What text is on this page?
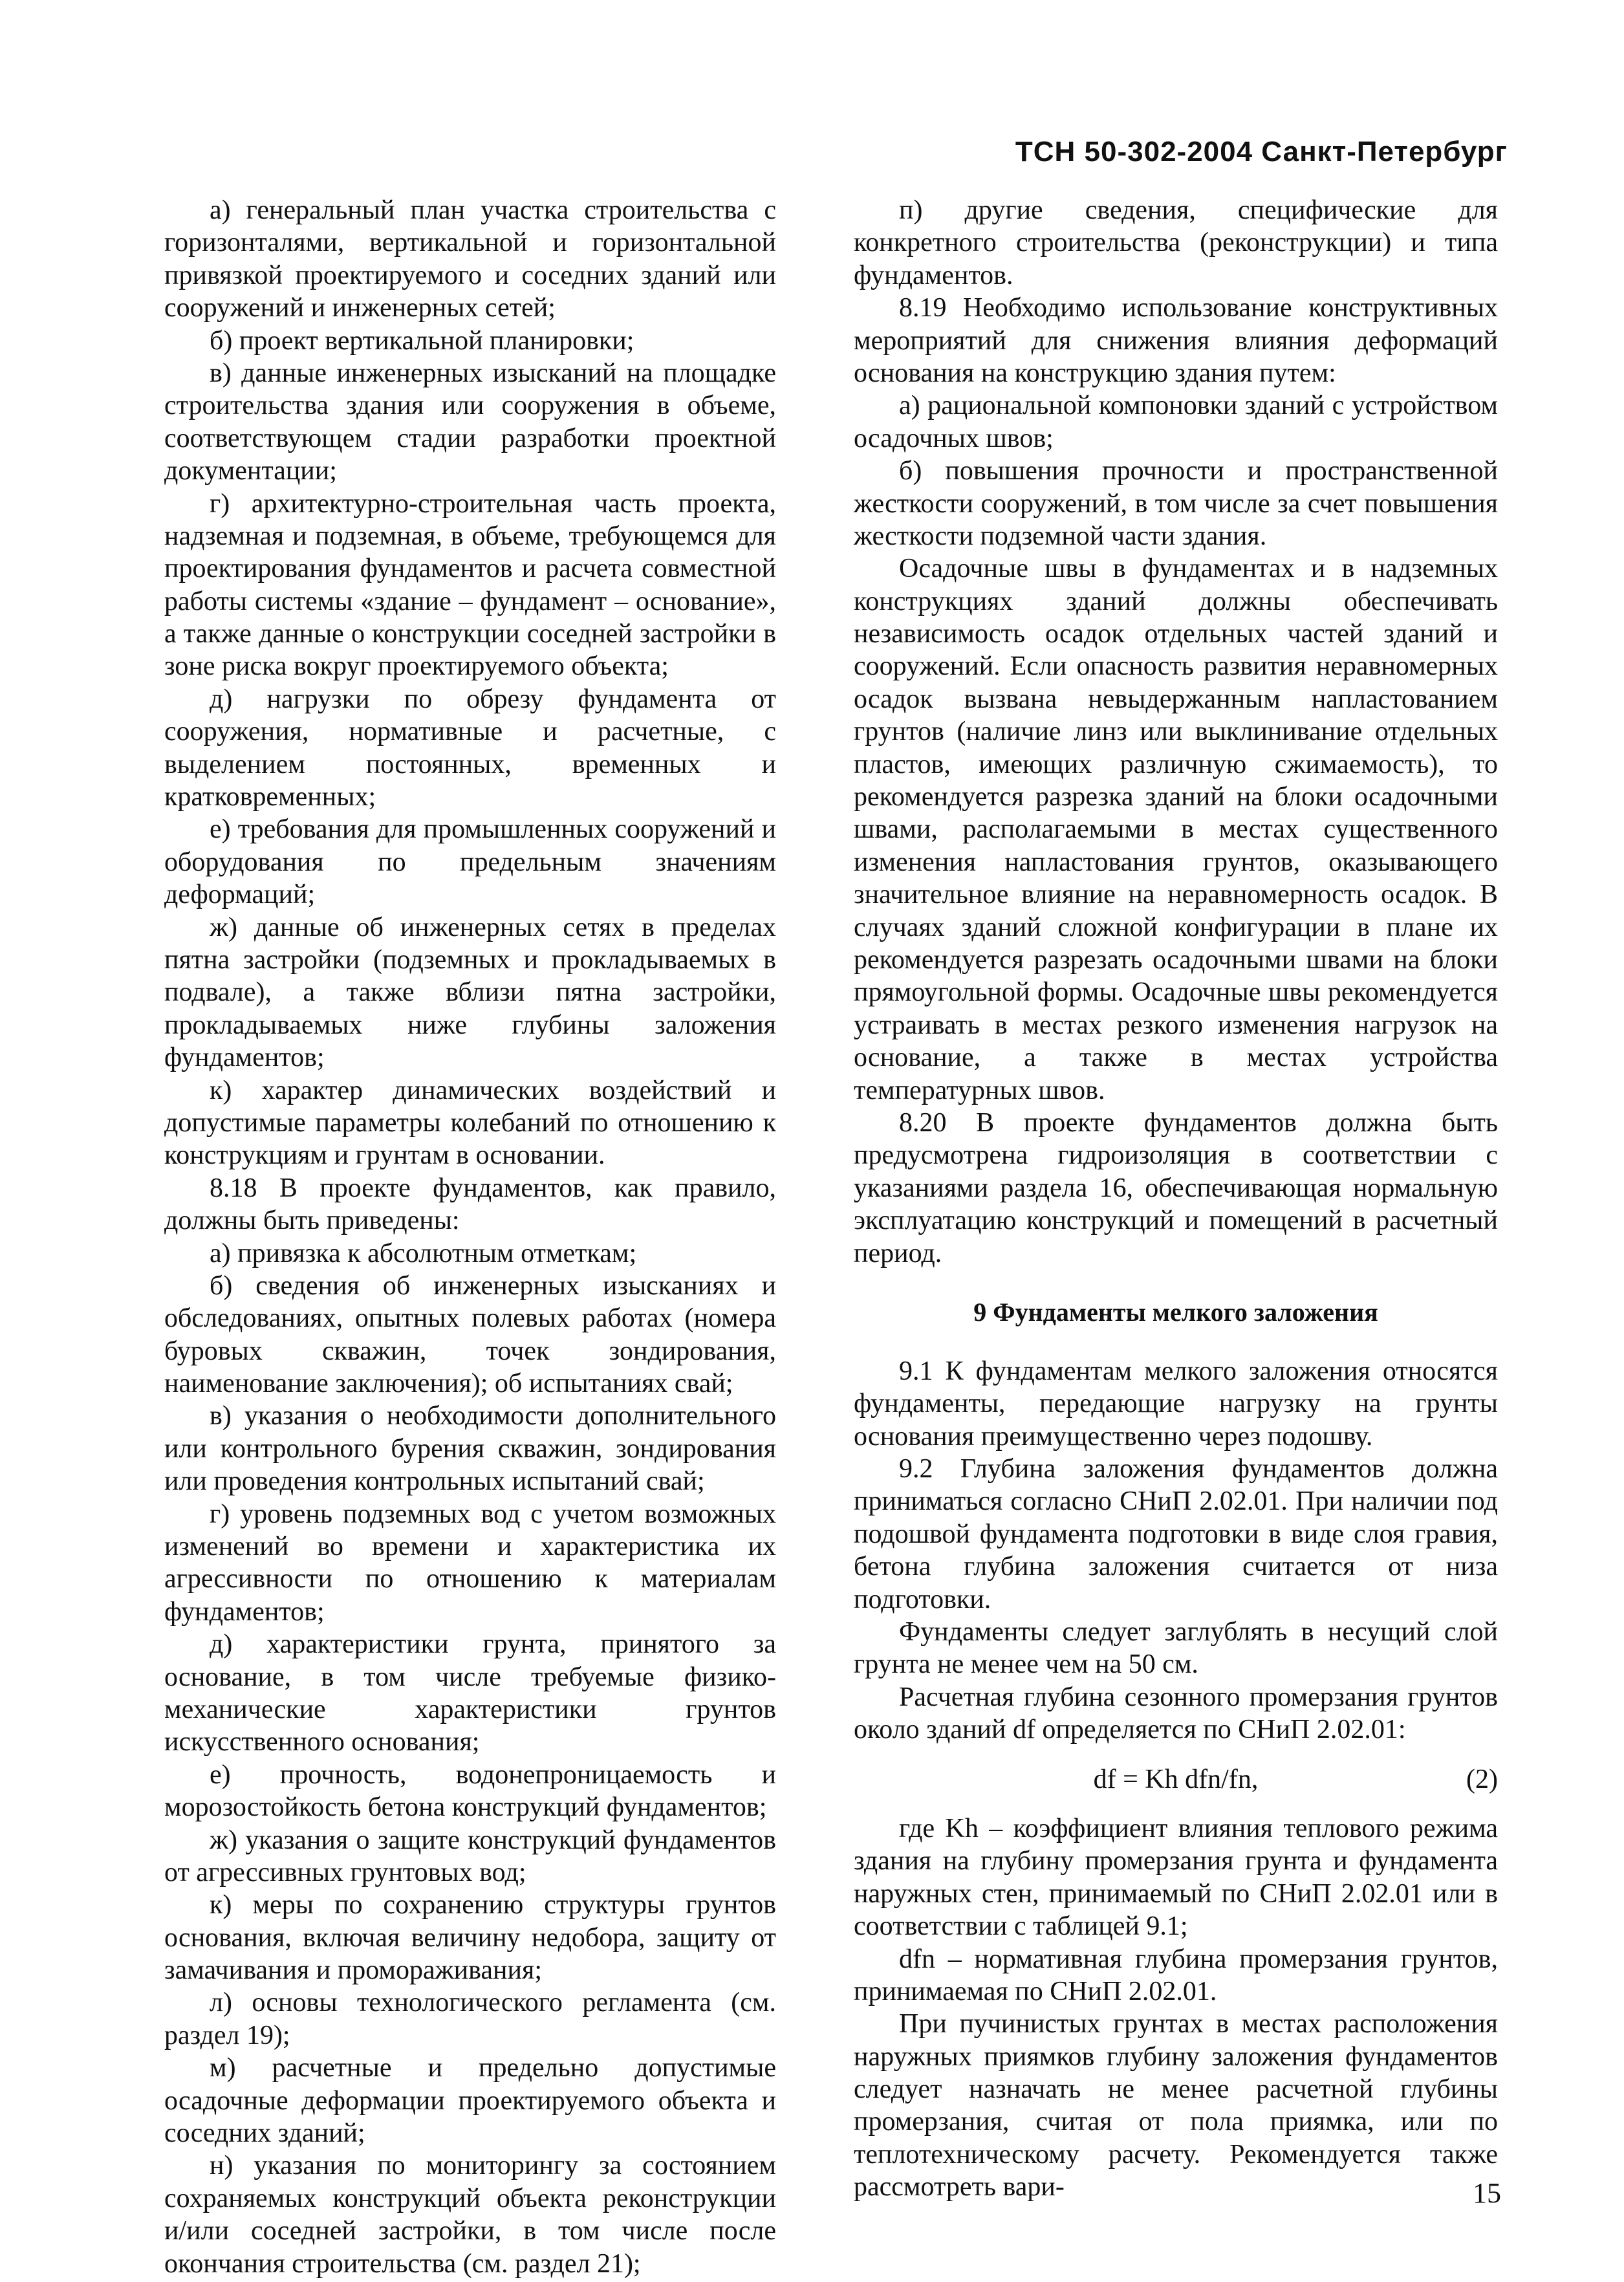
ТСН 50-302-2004 Санкт-Петербург

а) генеральный план участка строительства с горизонталями, вертикальной и горизонтальной привязкой проектируемого и соседних зданий или сооружений и инженерных сетей;

б) проект вертикальной планировки;

в) данные инженерных изысканий на площадке строительства здания или сооружения в объеме, соответствующем стадии разработки проектной документации;

г) архитектурно-строительная часть проекта, надземная и подземная, в объеме, требующемся для проектирования фундаментов и расчета совместной работы системы «здание – фундамент – основание», а также данные о конструкции соседней застройки в зоне риска вокруг проектируемого объекта;

д) нагрузки по обрезу фундамента от сооружения, нормативные и расчетные, с выделением постоянных, временных и кратковременных;

е) требования для промышленных сооружений и оборудования по предельным значениям деформаций;

ж) данные об инженерных сетях в пределах пятна застройки (подземных и прокладываемых в подвале), а также вблизи пятна застройки, прокладываемых ниже глубины заложения фундаментов;

к) характер динамических воздействий и допустимые параметры колебаний по отношению к конструкциям и грунтам в основании.

8.18 В проекте фундаментов, как правило, должны быть приведены:

а) привязка к абсолютным отметкам;

б) сведения об инженерных изысканиях и обследованиях, опытных полевых работах (номера буровых скважин, точек зондирования, наименование заключения); об испытаниях свай;

в) указания о необходимости дополнительного или контрольного бурения скважин, зондирования или проведения контрольных испытаний свай;

г) уровень подземных вод с учетом возможных изменений во времени и характеристика их агрессивности по отношению к материалам фундаментов;

д) характеристики грунта, принятого за основание, в том числе требуемые физико-механические характеристики грунтов искусственного основания;

е) прочность, водонепроницаемость и морозостойкость бетона конструкций фундаментов;

ж) указания о защите конструкций фундаментов от агрессивных грунтовых вод;

к) меры по сохранению структуры грунтов основания, включая величину недобора, защиту от замачивания и промораживания;

л) основы технологического регламента (см. раздел 19);

м) расчетные и предельно допустимые осадочные деформации проектируемого объекта и соседних зданий;

н) указания по мониторингу за состоянием сохраняемых конструкций объекта реконструкции и/или соседней застройки, в том числе после окончания строительства (см. раздел 21);

п) другие сведения, специфические для конкретного строительства (реконструкции) и типа фундаментов.

8.19 Необходимо использование конструктивных мероприятий для снижения влияния деформаций основания на конструкцию здания путем:

а) рациональной компоновки зданий с устройством осадочных швов;

б) повышения прочности и пространственной жесткости сооружений, в том числе за счет повышения жесткости подземной части здания.

Осадочные швы в фундаментах и в надземных конструкциях зданий должны обеспечивать независимость осадок отдельных частей зданий и сооружений. Если опасность развития неравномерных осадок вызвана невыдержанным напластованием грунтов (наличие линз или выклинивание отдельных пластов, имеющих различную сжимаемость), то рекомендуется разрезка зданий на блоки осадочными швами, располагаемыми в местах существенного изменения напластования грунтов, оказывающего значительное влияние на неравномерность осадок. В случаях зданий сложной конфигурации в плане их рекомендуется разрезать осадочными швами на блоки прямоугольной формы. Осадочные швы рекомендуется устраивать в местах резкого изменения нагрузок на основание, а также в местах устройства температурных швов.

8.20 В проекте фундаментов должна быть предусмотрена гидроизоляция в соответствии с указаниями раздела 16, обеспечивающая нормальную эксплуатацию конструкций и помещений в расчетный период.

9 Фундаменты мелкого заложения

9.1 К фундаментам мелкого заложения относятся фундаменты, передающие нагрузку на грунты основания преимущественно через подошву.

9.2 Глубина заложения фундаментов должна приниматься согласно СНиП 2.02.01. При наличии под подошвой фундамента подготовки в виде слоя гравия, бетона глубина заложения считается от низа подготовки.

Фундаменты следует заглублять в несущий слой грунта не менее чем на 50 см.

Расчетная глубина сезонного промерзания грунтов около зданий df определяется по СНиП 2.02.01:

df = Kh dfn/fn,	(2)

где Kh – коэффициент влияния теплового режима здания на глубину промерзания грунта и фундамента наружных стен, принимаемый по СНиП 2.02.01 или в соответствии с таблицей 9.1;

dfn – нормативная глубина промерзания грунтов, принимаемая по СНиП 2.02.01.

При пучинистых грунтах в местах расположения наружных приямков глубину заложения фундаментов следует назначать не менее расчетной глубины промерзания, считая от пола приямка, или по теплотехническому расчету. Рекомендуется также рассмотреть вари-	15
